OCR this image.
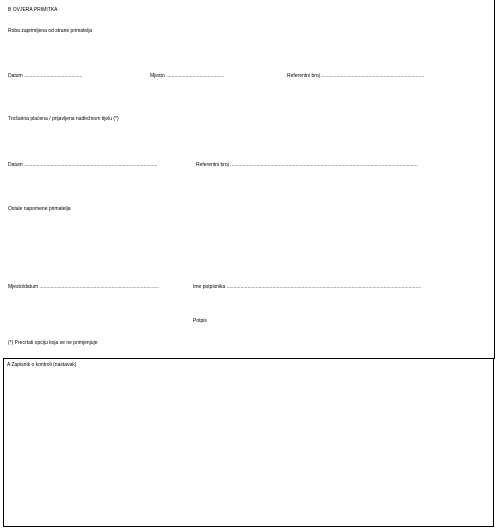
B OVJERA PRIMITKA
Roba zaprimljena od strane primatelja
Datum ..........................................	Mjesto ..........................................	Referentni broj ..........................................................................
Trošarina plaćena / prijavljena nadležnom tijelu (*)
Datum ................................................................................................	Referentni broj .......................................................................................................................................
Ostale napomene primatelja
Mjesto/datum ......................................................................................	Ime potpisnika ............................................................................................................................................
Potpis
(*) Precrtati opciju koja se ne primjenjuje
A Zapisnik o kontroli (nastavak)
